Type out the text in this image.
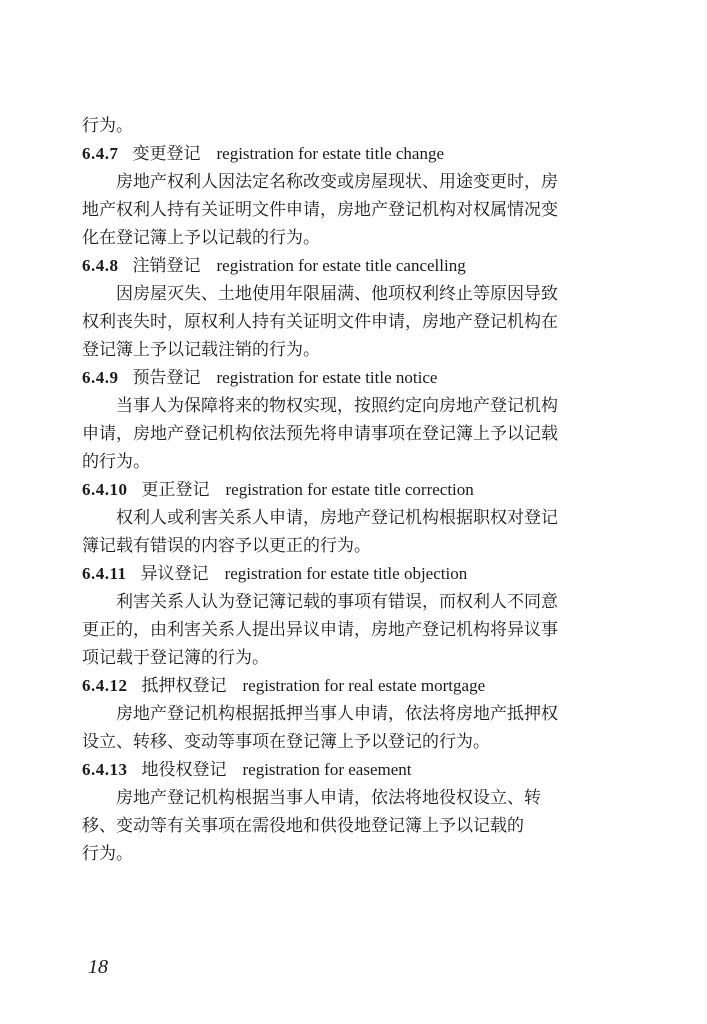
行为。
6.4.7 变更登记 registration for estate title change
房地产权利人因法定名称改变或房屋现状、用途变更时，房
地产权利人持有关证明文件申请，房地产登记机构对权属情况变
化在登记簿上予以记载的行为。
6.4.8 注销登记 registration for estate title cancelling
因房屋灭失、土地使用年限届满、他项权利终止等原因导致
权利丧失时，原权利人持有关证明文件申请，房地产登记机构在
登记簿上予以记载注销的行为。
6.4.9 预告登记 registration for estate title notice
当事人为保障将来的物权实现，按照约定向房地产登记机构
申请，房地产登记机构依法预先将申请事项在登记簿上予以记载
的行为。
6.4.10 更正登记 registration for estate title correction
权利人或利害关系人申请，房地产登记机构根据职权对登记
簿记载有错误的内容予以更正的行为。
6.4.11 异议登记 registration for estate title objection
利害关系人认为登记簿记载的事项有错误，而权利人不同意
更正的，由利害关系人提出异议申请，房地产登记机构将异议事
项记载于登记簿的行为。
6.4.12 抵押权登记 registration for real estate mortgage
房地产登记机构根据抵押当事人申请，依法将房地产抵押权
设立、转移、变动等事项在登记簿上予以登记的行为。
6.4.13 地役权登记 registration for easement
房地产登记机构根据当事人申请，依法将地役权设立、转
移、变动等有关事项在需役地和供役地登记簿上予以记载的
行为。
18
